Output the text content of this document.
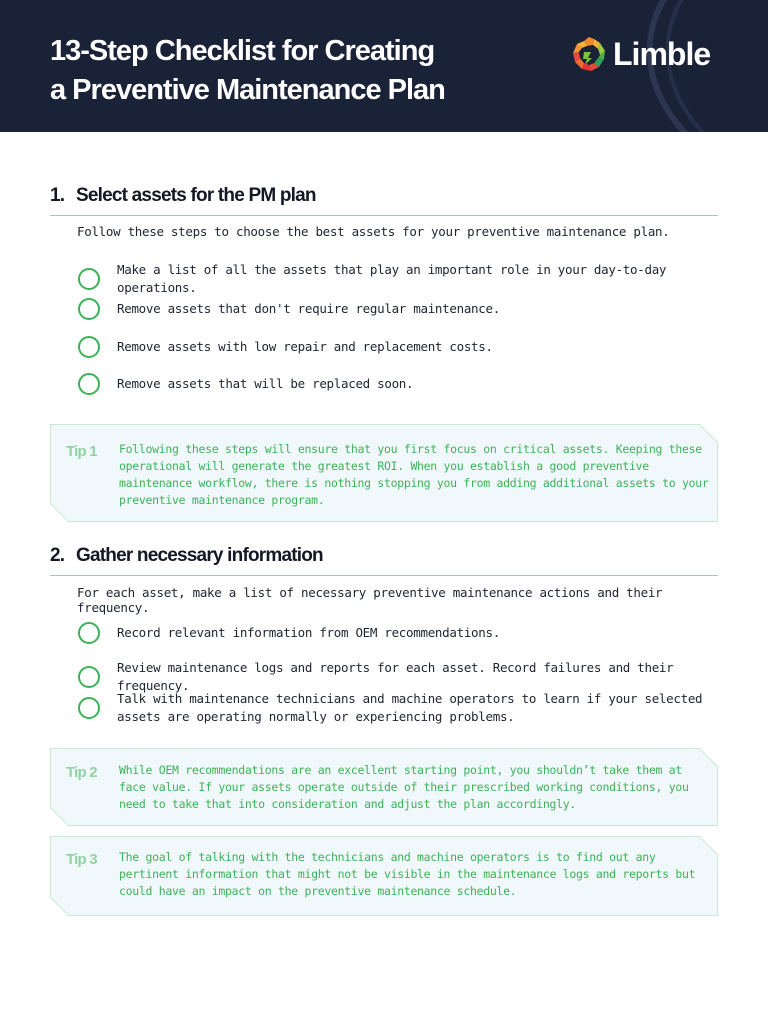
13-Step Checklist for Creating
a Preventive Maintenance Plan
Limble
1. Select assets for the PM plan
Follow these steps to choose the best assets for your preventive maintenance plan.
Make a list of all the assets that play an important role in your day-to-day operations.
Remove assets that don't require regular maintenance.
Remove assets with low repair and replacement costs.
Remove assets that will be replaced soon.
Tip 1 Following these steps will ensure that you first focus on critical assets. Keeping these operational will generate the greatest ROI. When you establish a good preventive maintenance workflow, there is nothing stopping you from adding additional assets to your preventive maintenance program.
2. Gather necessary information
For each asset, make a list of necessary preventive maintenance actions and their frequency.
Record relevant information from OEM recommendations.
Review maintenance logs and reports for each asset. Record failures and their frequency.
Talk with maintenance technicians and machine operators to learn if your selected assets are operating normally or experiencing problems.
Tip 2 While OEM recommendations are an excellent starting point, you shouldn’t take them at face value. If your assets operate outside of their prescribed working conditions, you need to take that into consideration and adjust the plan accordingly.
Tip 3 The goal of talking with the technicians and machine operators is to find out any pertinent information that might not be visible in the maintenance logs and reports but could have an impact on the preventive maintenance schedule.
